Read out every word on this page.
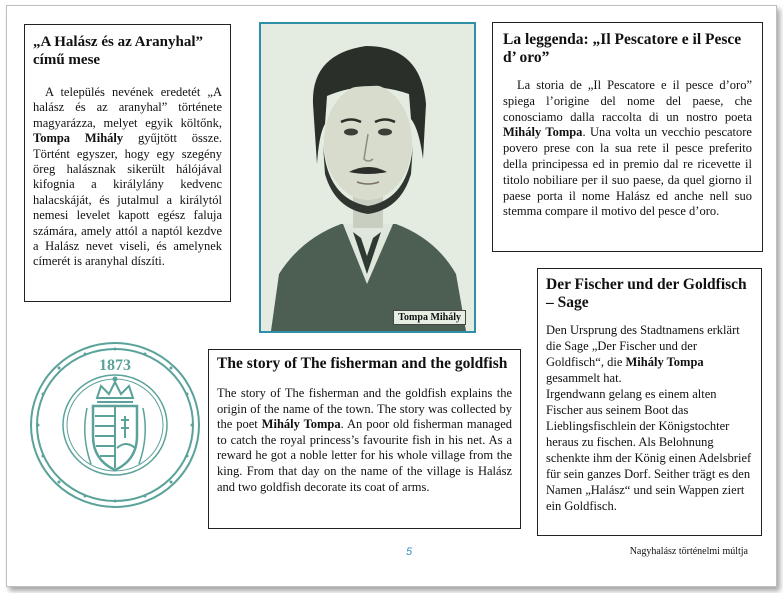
„A Halász és az Aranyhal” című mese

A település nevének eredetét „A halász és az aranyhal” története magyarázza, melyet egyik költőnk, Tompa Mihály gyűjtött össze. Történt egyszer, hogy egy szegény öreg halásznak sikerült hálójával kifognia a királylány kedvenc halacskáját, és jutalmul a királytól nemesi levelet kapott egész faluja számára, amely attól a naptól kezdve a Halász nevet viseli, és amelynek címerét is aranyhal díszíti.

Tompa Mihály
La leggenda: „Il Pescatore e il Pesce d’ oro”

La storia de „Il Pescatore e il pesce d’oro” spiega l’origine del nome del paese, che conosciamo dalla raccolta di un nostro poeta Mihály Tompa. Una volta un vecchio pescatore povero prese con la sua rete il pesce preferito della principessa ed in premio dal re ricevette il titolo nobiliare per il suo paese, da quel giorno il paese porta il nome Halász ed anche nell suo stemma compare il motivo del pesce d’oro.

Der Fischer und der Goldfisch – Sage

Den Ursprung des Stadtnamens erklärt die Sage „Der Fischer und der Goldfisch“, die Mihály Tompa gesammelt hat.
Irgendwann gelang es einem alten Fischer aus seinem Boot das Lieblingsfischlein der Königstochter heraus zu fischen. Als Belohnung schenkte ihm der König einen Adelsbrief für sein ganzes Dorf. Seither trägt es den Namen „Halász“ und sein Wappen ziert ein Goldfisch.

The story of The fisherman and the goldfish

The story of The fisherman and the goldfish explains the origin of the name of the town. The story was collected by the poet Mihály Tompa. An poor old fisherman managed to catch the royal princess’s favourite fish in his net. As a reward he got a noble letter for his whole village from the king. From that day on the name of the village is Halász and two goldfish decorate its coat of arms.

1873
5	Nagyhalász történelmi múltja
